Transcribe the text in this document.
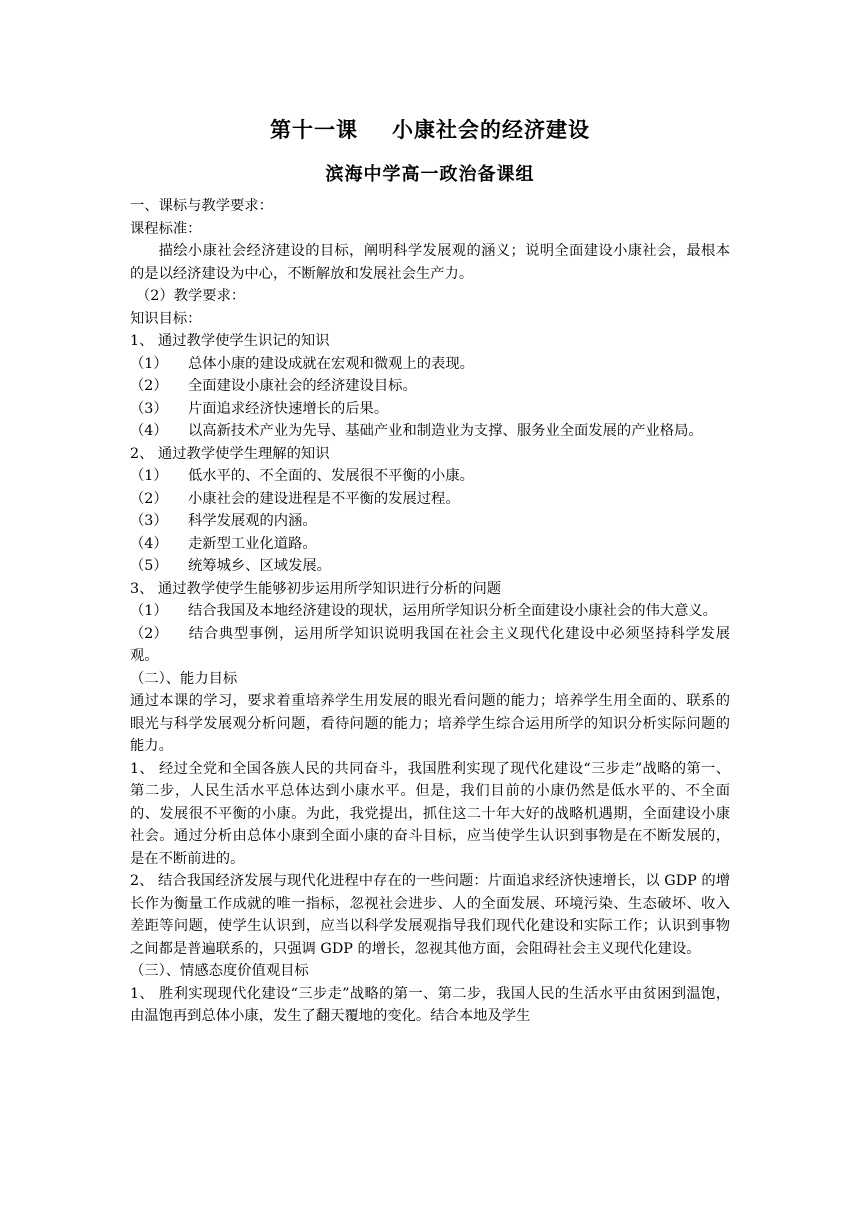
第十一课 小康社会的经济建设
滨海中学高一政治备课组

一、课标与教学要求：

课程标准：

描绘小康社会经济建设的目标，阐明科学发展观的涵义；说明全面建设小康社会，最根本的是以经济建设为中心，不断解放和发展社会生产力。

（2）教学要求：

知识目标：

1、 通过教学使学生识记的知识

（1）	总体小康的建设成就在宏观和微观上的表现。
（2）	全面建设小康社会的经济建设目标。
（3）	片面追求经济快速增长的后果。

（4） 以高新技术产业为先导、基础产业和制造业为支撑、服务业全面发展的产业格局。

2、 通过教学使学生理解的知识

（1）	低水平的、不全面的、发展很不平衡的小康。
（2）	小康社会的建设进程是不平衡的发展过程。
（3）	科学发展观的内涵。
（4）	走新型工业化道路。
（5）	统筹城乡、区域发展。

3、 通过教学使学生能够初步运用所学知识进行分析的问题

（1） 结合我国及本地经济建设的现状，运用所学知识分析全面建设小康社会的伟大意义。

（2） 结合典型事例，运用所学知识说明我国在社会主义现代化建设中必须坚持科学发展观。

（二）、能力目标

通过本课的学习，要求着重培养学生用发展的眼光看问题的能力；培养学生用全面的、联系的眼光与科学发展观分析问题，看待问题的能力；培养学生综合运用所学的知识分析实际问题的能力。

1、 经过全党和全国各族人民的共同奋斗，我国胜利实现了现代化建设“三步走”战略的第一、第二步，人民生活水平总体达到小康水平。但是，我们目前的小康仍然是低水平的、不全面的、发展很不平衡的小康。为此，我党提出，抓住这二十年大好的战略机遇期，全面建设小康社会。通过分析由总体小康到全面小康的奋斗目标，应当使学生认识到事物是在不断发展的，是在不断前进的。

2、 结合我国经济发展与现代化进程中存在的一些问题：片面追求经济快速增长，以 GDP 的增长作为衡量工作成就的唯一指标，忽视社会进步、人的全面发展、环境污染、生态破坏、收入差距等问题，使学生认识到，应当以科学发展观指导我们现代化建设和实际工作；认识到事物之间都是普遍联系的，只强调 GDP 的增长，忽视其他方面，会阻碍社会主义现代化建设。

（三）、情感态度价值观目标

1、 胜利实现现代化建设“三步走”战略的第一、第二步，我国人民的生活水平由贫困到温饱，由温饱再到总体小康，发生了翻天覆地的变化。结合本地及学生
